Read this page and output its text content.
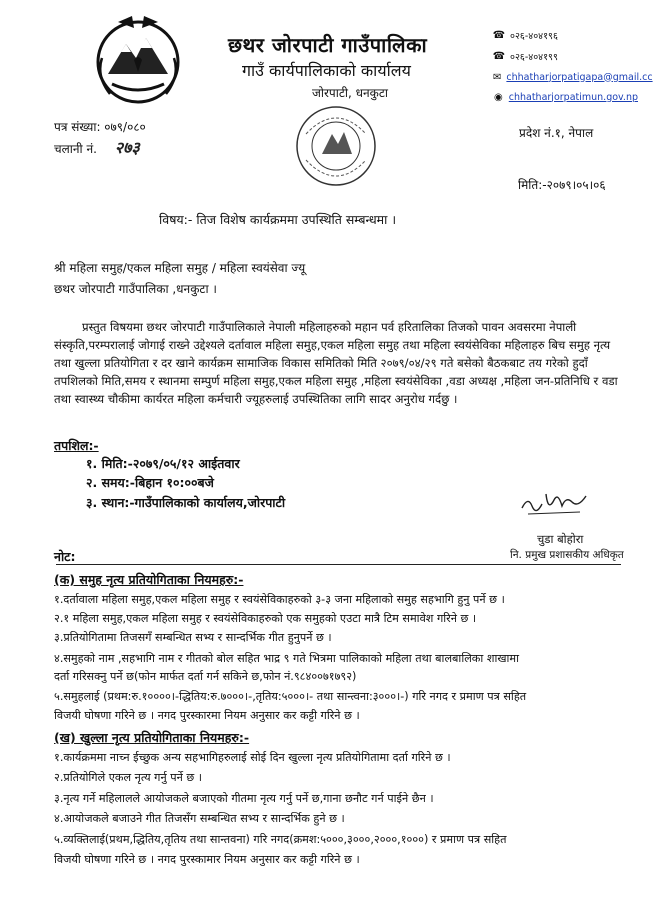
छथर जोरपाटी गाउँपालिका
गाउँ कार्यपालिकाको कार्यालय
जोरपाटी, धनकुटा
☎ ०२६-४०४१९६
☎ ०२६-४०४१९९
✉ chhatharjorpatigapa@gmail.cc
◉ chhatharjorpatimun.gov.np
पत्र संख्या: ०७९/०८०
चलानी नं. २७३
प्रदेश नं.१, नेपाल
मिति:-२०७९।०५।०६
विषय:- तिज विशेष कार्यक्रममा उपस्थिति सम्बन्धमा ।
श्री महिला समुह/एकल महिला समुह / महिला स्वयंसेवा ज्यू
छथर जोरपाटी गाउँपालिका ,धनकुटा ।

प्रस्तुत विषयमा छथर जोरपाटी गाउँपालिकाले नेपाली महिलाहरुको महान पर्व हरितालिका तिजको पावन अवसरमा नेपाली संस्कृति,परम्परालाई जोगाई राख्ने उद्देश्यले दर्तावाल महिला समुह,एकल महिला समुह तथा महिला स्वयंसेविका महिलाहरु बिच समुह नृत्य तथा खुल्ला प्रतियोगिता र दर खाने कार्यक्रम सामाजिक विकास समितिको मिति २०७९/०४/२९ गते बसेको बैठकबाट तय गरेको हुदाँ तपशिलको मिति,समय र स्थानमा सम्पुर्ण महिला समुह,एकल महिला समुह ,महिला स्वयंसेविका ,वडा अध्यक्ष ,महिला जन-प्रतिनिधि र वडा तथा स्वास्थ्य चौकीमा कार्यरत महिला कर्मचारी ज्यूहरुलाई उपस्थितिका लागि सादर अनुरोध गर्दछु ।

तपशिल:-
१. मिति:-२०७९/०५/१२ आईतवार
२. समय:-बिहान १०:००बजे
३. स्थान:-गाउँपालिकाको कार्यालय,जोरपाटी
चुडा बोहोरा
नि. प्रमुख प्रशासकीय अधिकृत
नोट:
(क) समुह नृत्य प्रतियोगिताका नियमहरु:-
१.दर्तावाला महिला समुह,एकल महिला समुह र स्वयंसेविकाहरुको ३-३ जना महिलाको समुह सहभागि हुनु पर्ने छ ।
२.१ महिला समुह,एकल महिला समुह र स्वयंसेविकाहरुको एक समुहको एउटा मात्रै टिम समावेश गरिने छ ।
३.प्रतियोगितामा तिजसगँ सम्बन्धित सभ्य र सान्दर्भिक गीत हुनुपर्ने छ ।
४.समुहको नाम ,सहभागि नाम र गीतको बोल सहित भाद्र ९ गते भित्रमा पालिकाको महिला तथा बालबालिका शाखामा
दर्ता गरिसक्नु पर्ने छ(फोन मार्फत दर्ता गर्न सकिने छ,फोन नं.९८४००७१७९२)
५.समुहलाई (प्रथम:रु.१००००।-द्धितिय:रु.७०००।-,तृतिय:५०००।- तथा सान्त्वना:३०००।-) गरि नगद र प्रमाण पत्र सहित
विजयी घोषणा गरिने छ । नगद पुरस्कारमा नियम अनुसार कर कट्टी गरिने छ ।
(ख) खुल्ला नृत्य प्रतियोगिताका नियमहरु:-
१.कार्यक्रममा नाच्न ईच्छुक अन्य सहभागिहरुलाई सोई दिन खुल्ला नृत्य प्रतियोगितामा दर्ता गरिने छ ।
२.प्रतियोगिले एकल नृत्य गर्नु पर्ने छ ।
३.नृत्य गर्ने महिलालले आयोजकले बजाएको गीतमा नृत्य गर्नु पर्ने छ,गाना छनौट गर्न पाईने छैन ।
४.आयोजकले बजाउने गीत तिजसँग सम्बन्धित सभ्य र सान्दर्भिक हुने छ ।
५.व्यक्तिलाई(प्रथम,द्धितिय,तृतिय तथा सान्तवना) गरि नगद(क्रमश:५०००,३०००,२०००,१०००) र प्रमाण पत्र सहित
विजयी घोषणा गरिने छ । नगद पुरस्कामार नियम अनुसार कर कट्टी गरिने छ ।
